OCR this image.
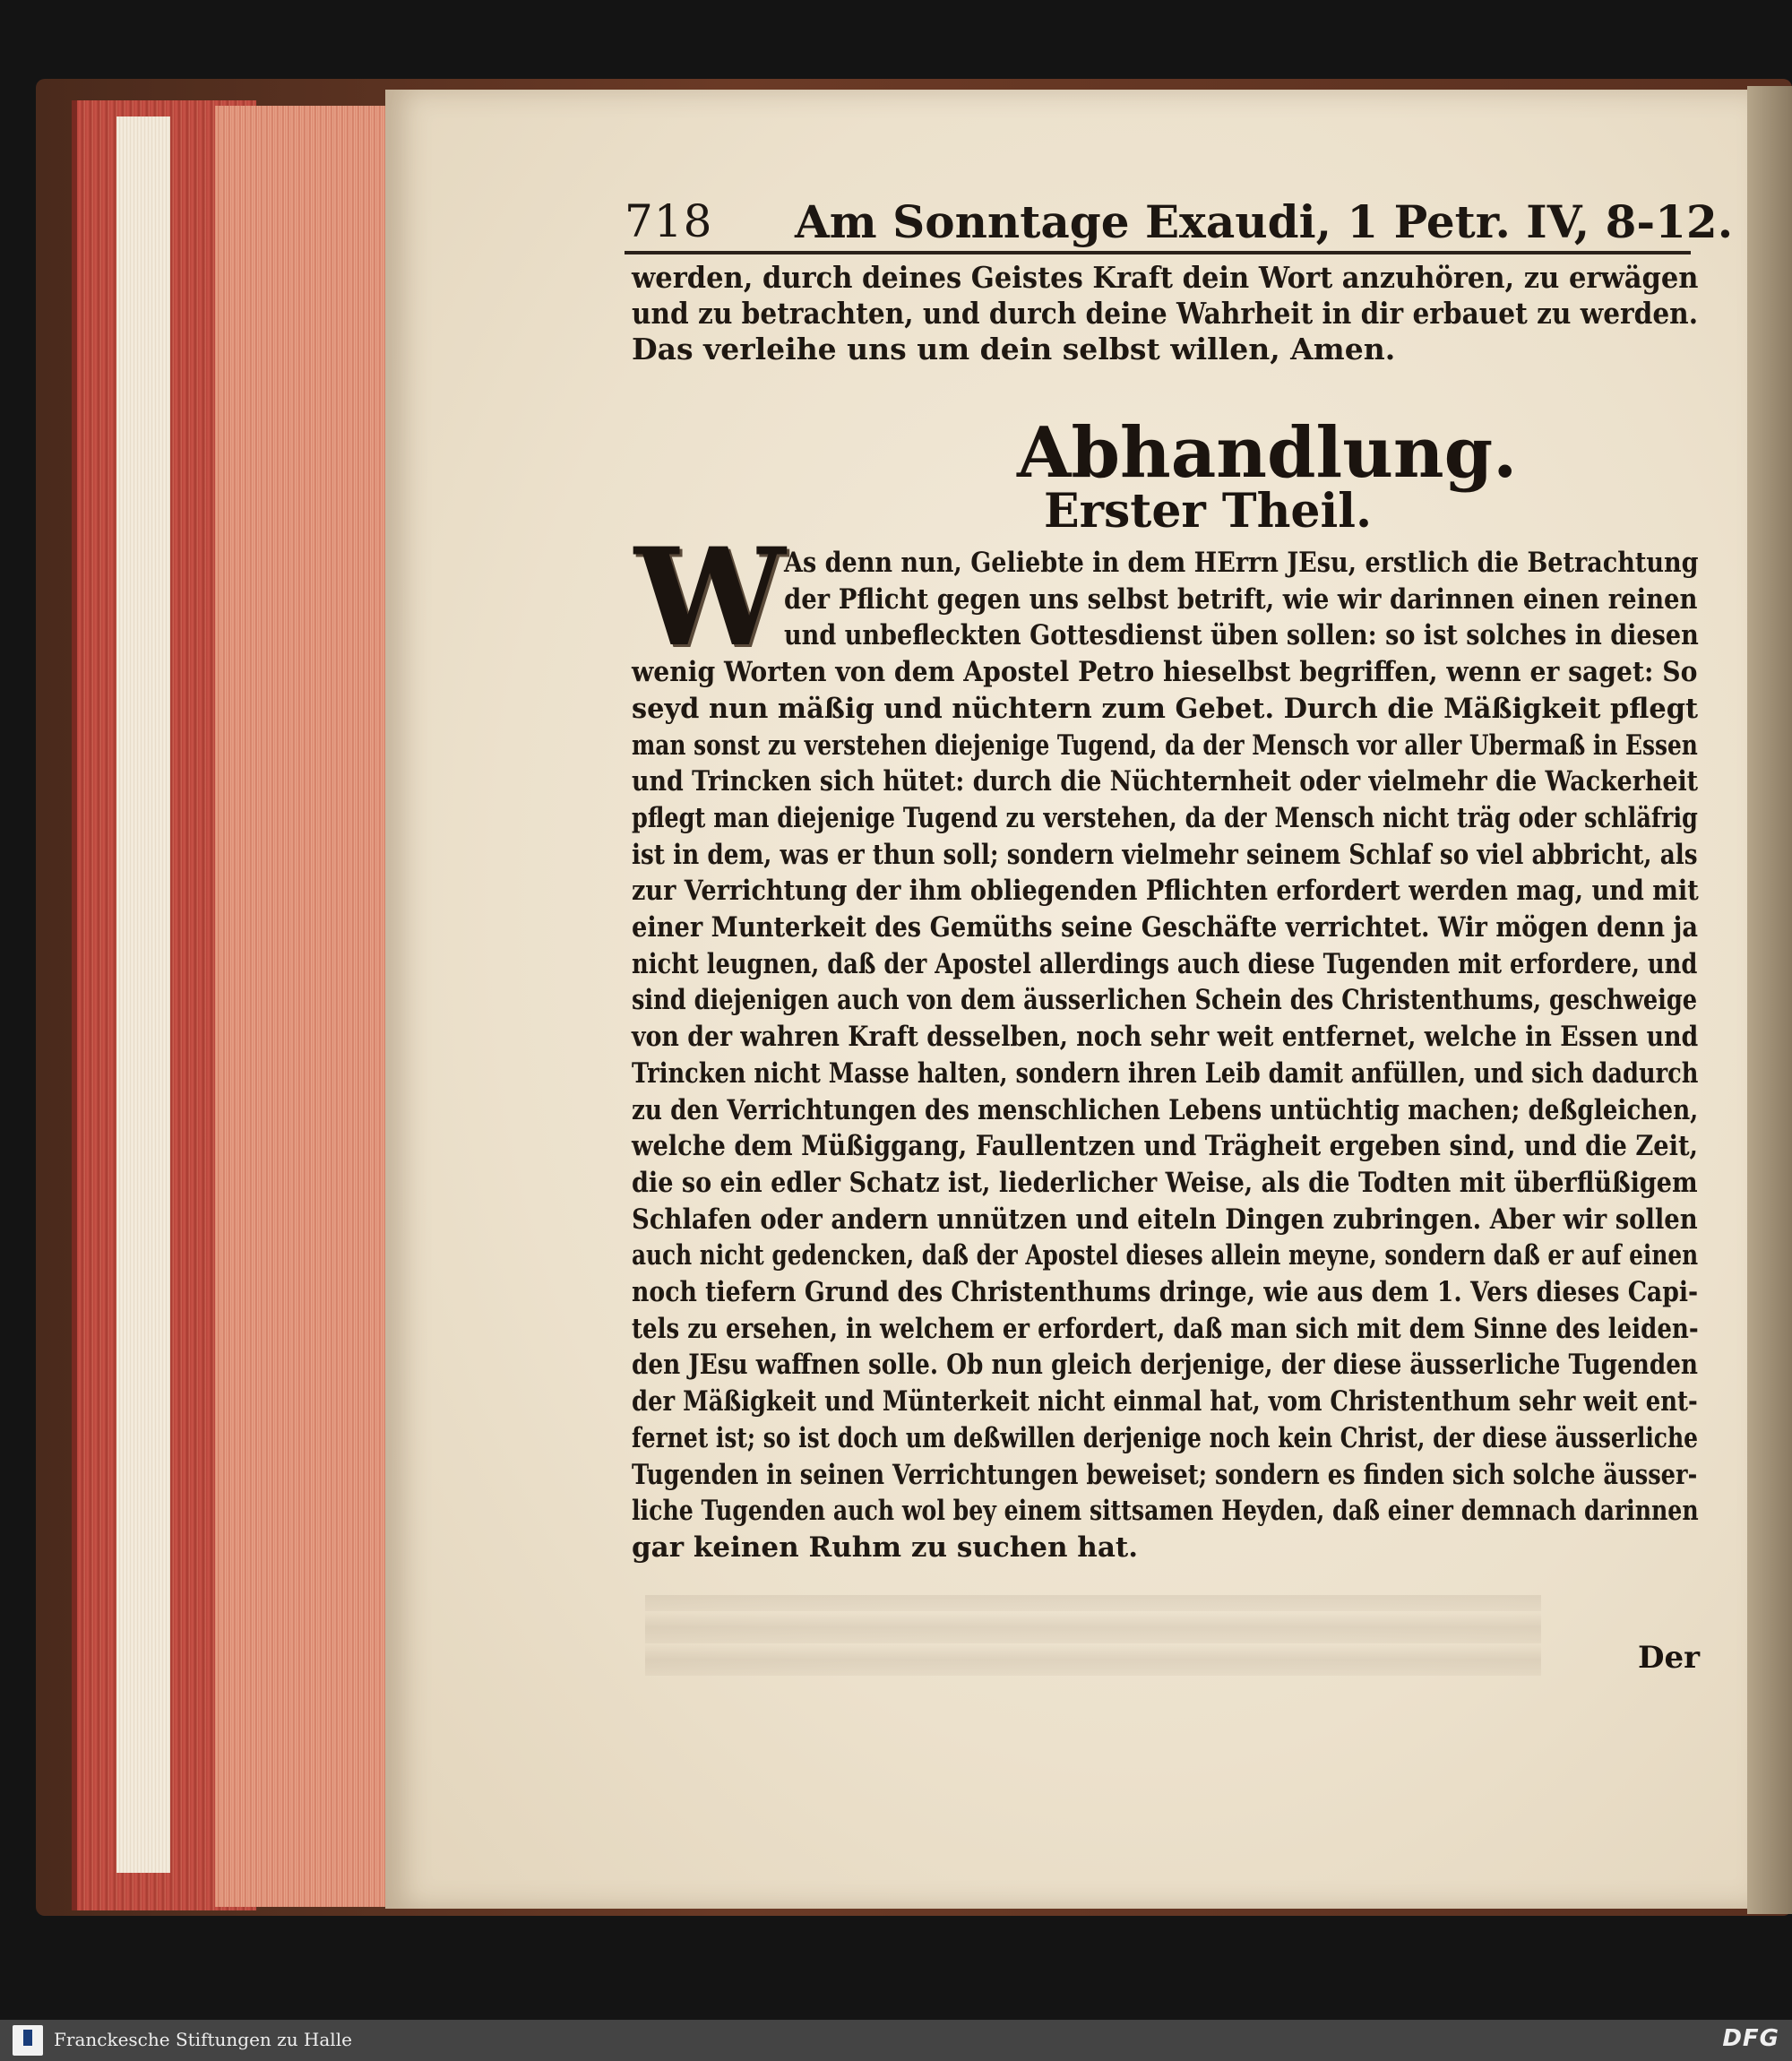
718 Am Sonntage Exaudi, 1 Petr. IV, 8-12.
werden, durch deines Geistes Kraft dein Wort anzuhören, zu erwägen
und zu betrachten, und durch deine Wahrheit in dir erbauet zu werden.
Das verleihe uns um dein selbst willen, Amen.
Abhandlung.
Erster Theil.
W
As denn nun, Geliebte in dem HErrn JEsu, erstlich die Betrachtung
der Pflicht gegen uns selbst betrift, wie wir darinnen einen reinen
und unbefleckten Gottesdienst üben sollen: so ist solches in diesen
wenig Worten von dem Apostel Petro hieselbst begriffen, wenn er saget: So
seyd nun mäßig und nüchtern zum Gebet. Durch die Mäßigkeit pflegt
man sonst zu verstehen diejenige Tugend, da der Mensch vor aller Ubermaß in Essen
und Trincken sich hütet: durch die Nüchternheit oder vielmehr die Wackerheit
pflegt man diejenige Tugend zu verstehen, da der Mensch nicht träg oder schläfrig
ist in dem, was er thun soll; sondern vielmehr seinem Schlaf so viel abbricht, als
zur Verrichtung der ihm obliegenden Pflichten erfordert werden mag, und mit
einer Munterkeit des Gemüths seine Geschäfte verrichtet. Wir mögen denn ja
nicht leugnen, daß der Apostel allerdings auch diese Tugenden mit erfordere, und
sind diejenigen auch von dem äusserlichen Schein des Christenthums, geschweige
von der wahren Kraft desselben, noch sehr weit entfernet, welche in Essen und
Trincken nicht Masse halten, sondern ihren Leib damit anfüllen, und sich dadurch
zu den Verrichtungen des menschlichen Lebens untüchtig machen; deßgleichen,
welche dem Müßiggang, Faullentzen und Trägheit ergeben sind, und die Zeit,
die so ein edler Schatz ist, liederlicher Weise, als die Todten mit überflüßigem
Schlafen oder andern unnützen und eiteln Dingen zubringen. Aber wir sollen
auch nicht gedencken, daß der Apostel dieses allein meyne, sondern daß er auf einen
noch tiefern Grund des Christenthums dringe, wie aus dem 1. Vers dieses Capi-
tels zu ersehen, in welchem er erfordert, daß man sich mit dem Sinne des leiden-
den JEsu waffnen solle. Ob nun gleich derjenige, der diese äusserliche Tugenden
der Mäßigkeit und Münterkeit nicht einmal hat, vom Christenthum sehr weit ent-
fernet ist; so ist doch um deßwillen derjenige noch kein Christ, der diese äusserliche
Tugenden in seinen Verrichtungen beweiset; sondern es finden sich solche äusser-
liche Tugenden auch wol bey einem sittsamen Heyden, daß einer demnach darinnen
gar keinen Ruhm zu suchen hat.
Der
Franckesche Stiftungen zu Halle	DFG
